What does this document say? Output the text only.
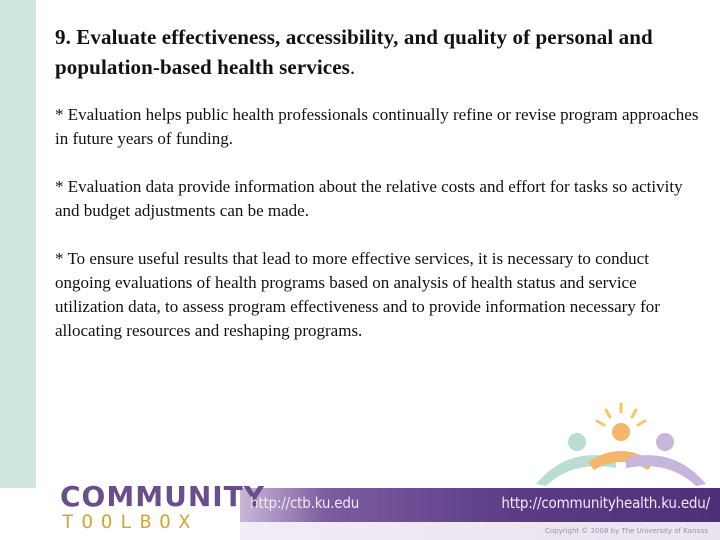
9. Evaluate effectiveness, accessibility, and quality of personal and population-based health services.

* Evaluation helps public health professionals continually refine or revise program approaches in future years of funding.

* Evaluation data provide information about the relative costs and effort for tasks so activity and budget adjustments can be made.

* To ensure useful results that lead to more effective services, it is necessary to conduct ongoing evaluations of health programs based on analysis of health status and service utilization data, to assess program effectiveness and to provide information necessary for allocating resources and reshaping programs.

COMMUNITY
TOOLBOX
http://ctb.ku.edu	http://communityhealth.ku.edu/
Copyright © 2008 by The University of Kansas
